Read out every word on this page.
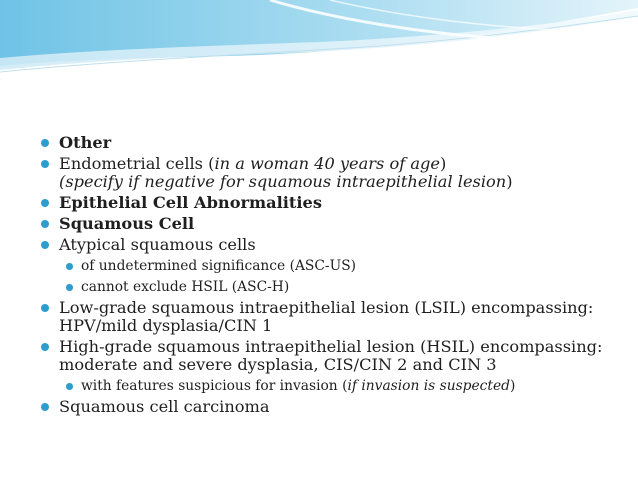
Other
Endometrial cells (in a woman 40 years of age)
(specify if negative for squamous intraepithelial lesion)
Epithelial Cell Abnormalities
Squamous Cell
Atypical squamous cells
of undetermined significance (ASC-US)
cannot exclude HSIL (ASC-H)
Low-grade squamous intraepithelial lesion (LSIL) encompassing:
HPV/mild dysplasia/CIN 1
High-grade squamous intraepithelial lesion (HSIL) encompassing:
moderate and severe dysplasia, CIS/CIN 2 and CIN 3
with features suspicious for invasion (if invasion is suspected)
Squamous cell carcinoma
